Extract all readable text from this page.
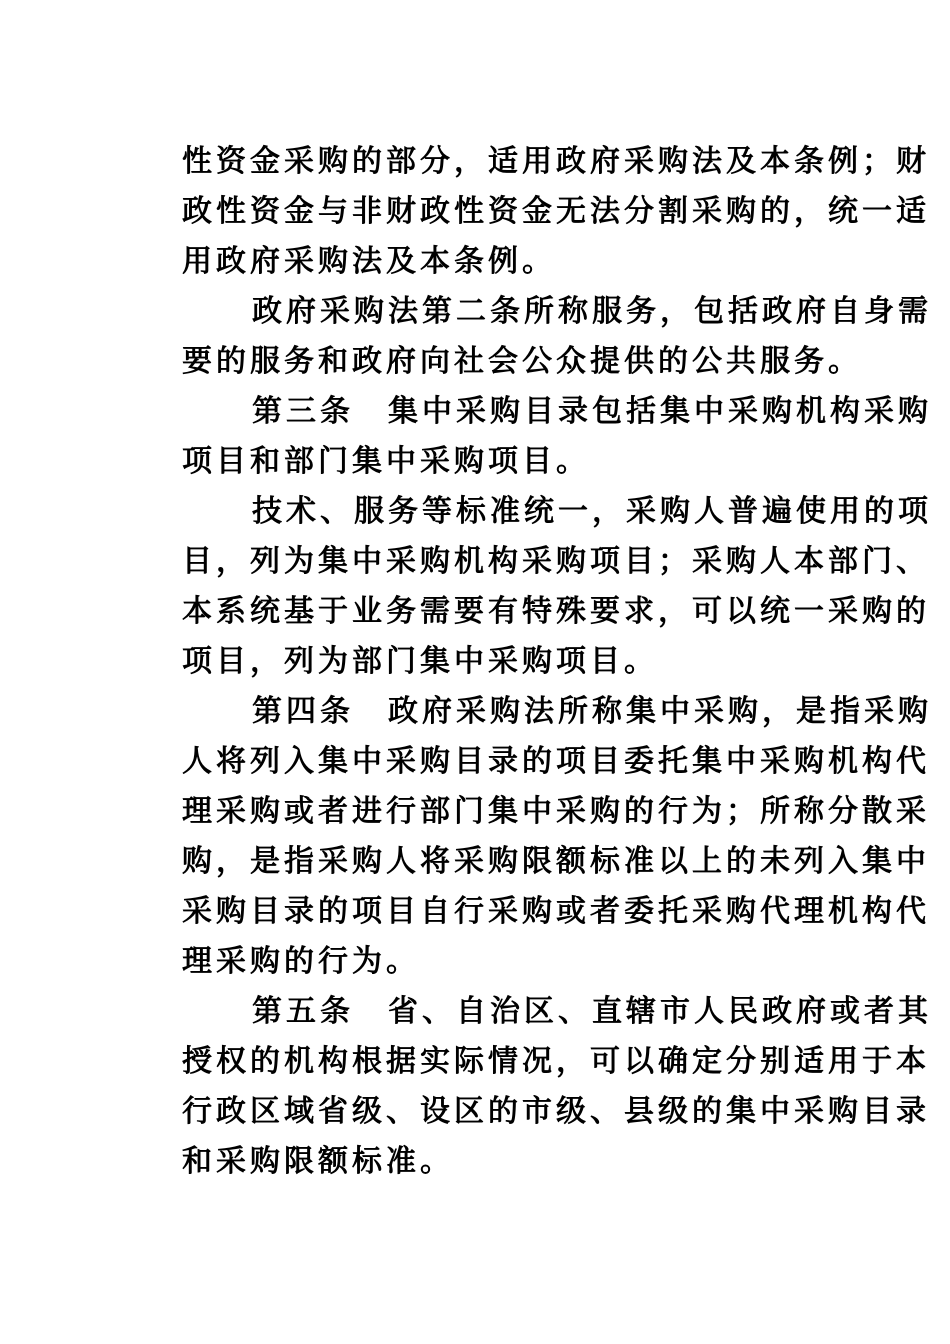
性资金采购的部分，适用政府采购法及本条例；财
政性资金与非财政性资金无法分割采购的，统一适
用政府采购法及本条例。
政府采购法第二条所称服务，包括政府自身需
要的服务和政府向社会公众提供的公共服务。
第三条　集中采购目录包括集中采购机构采购
项目和部门集中采购项目。
技术、服务等标准统一，采购人普遍使用的项
目，列为集中采购机构采购项目；采购人本部门、
本系统基于业务需要有特殊要求，可以统一采购的
项目，列为部门集中采购项目。
第四条　政府采购法所称集中采购，是指采购
人将列入集中采购目录的项目委托集中采购机构代
理采购或者进行部门集中采购的行为；所称分散采
购，是指采购人将采购限额标准以上的未列入集中
采购目录的项目自行采购或者委托采购代理机构代
理采购的行为。
第五条　省、自治区、直辖市人民政府或者其
授权的机构根据实际情况，可以确定分别适用于本
行政区域省级、设区的市级、县级的集中采购目录
和采购限额标准。
